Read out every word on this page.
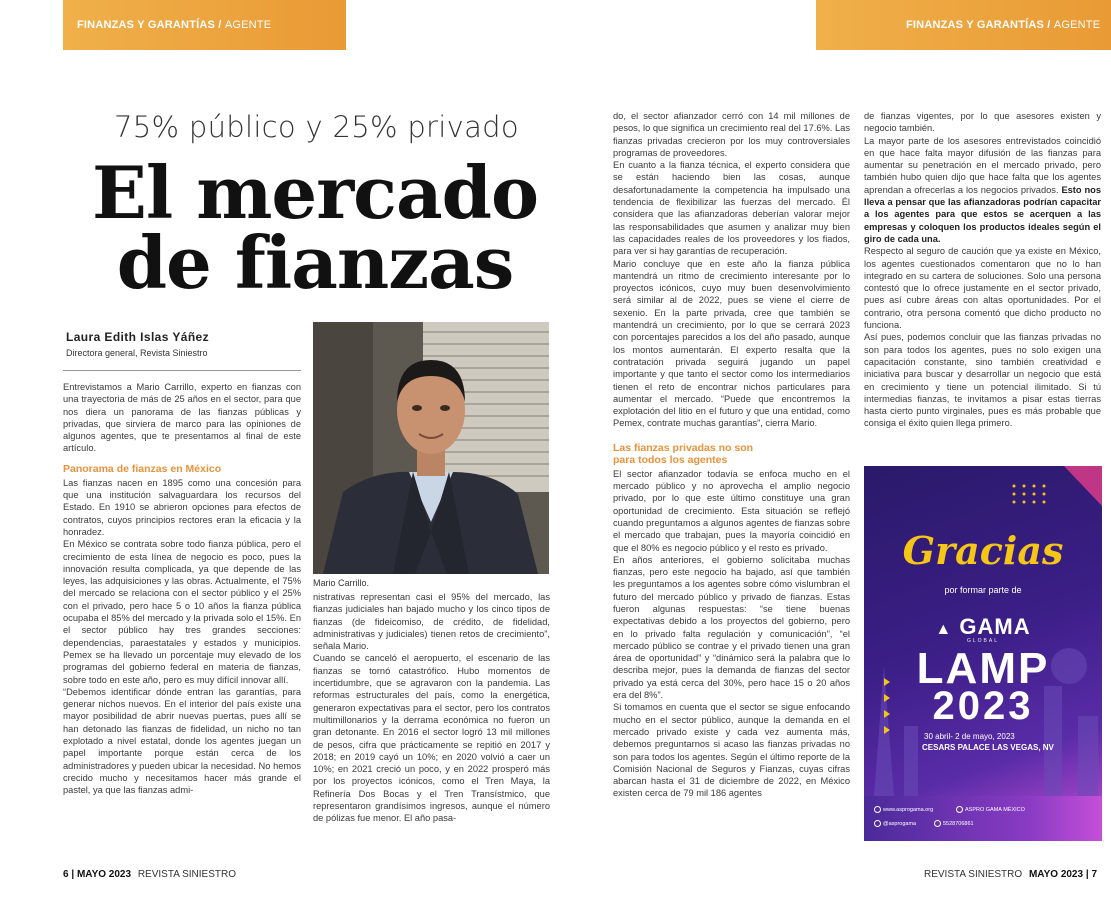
FINANZAS Y GARANTÍAS / AGENTE	FINANZAS Y GARANTÍAS / AGENTE
75% público y 25% privado
El mercado
de fianzas
Laura Edith Islas Yáñez
Directora general, Revista Siniestro
Mario Carrillo.

Entrevistamos a Mario Carrillo, experto en fianzas con una trayectoria de más de 25 años en el sector, para que nos diera un panorama de las fianzas públicas y privadas, que sirviera de marco para las opiniones de algunos agentes, que te presentamos al final de este artículo.

Panorama de fianzas en México

Las fianzas nacen en 1895 como una concesión para que una institución salvaguardara los recursos del Estado. En 1910 se abrieron opciones para efectos de contratos, cuyos principios rectores eran la eficacia y la honradez.

En México se contrata sobre todo fianza pública, pero el crecimiento de esta línea de negocio es poco, pues la innovación resulta complicada, ya que depende de las leyes, las adquisiciones y las obras. Actualmente, el 75% del mercado se relaciona con el sector público y el 25% con el privado, pero hace 5 o 10 años la fianza pública ocupaba el 85% del mercado y la privada solo el 15%. En el sector público hay tres grandes secciones: dependencias, paraestatales y estados y municipios. Pemex se ha llevado un porcentaje muy elevado de los programas del gobierno federal en materia de fianzas, sobre todo en este año, pero es muy difícil innovar allí.

“Debemos identificar dónde entran las garantías, para generar nichos nuevos. En el interior del país existe una mayor posibilidad de abrir nuevas puertas, pues allí se han detonado las fianzas de fidelidad, un nicho no tan explotado a nivel estatal, donde los agentes juegan un papel importante porque están cerca de los administradores y pueden ubicar la necesidad. No hemos crecido mucho y necesitamos hacer más grande el pastel, ya que las fianzas admi-

nistrativas representan casi el 95% del mercado, las fianzas judiciales han bajado mucho y los cinco tipos de fianzas (de fideicomiso, de crédito, de fidelidad, administrativas y judiciales) tienen retos de crecimiento”, señala Mario.

Cuando se canceló el aeropuerto, el escenario de las fianzas se tornó catastrófico. Hubo momentos de incertidumbre, que se agravaron con la pandemia. Las reformas estructurales del país, como la energética, generaron expectativas para el sector, pero los contratos multimillonarios y la derrama económica no fueron un gran detonante. En 2016 el sector logró 13 mil millones de pesos, cifra que prácticamente se repitió en 2017 y 2018; en 2019 cayó un 10%; en 2020 volvió a caer un 10%; en 2021 creció un poco, y en 2022 prosperó más por los proyectos icónicos, como el Tren Maya, la Refinería Dos Bocas y el Tren Transístmico, que representaron grandísimos ingresos, aunque el número de pólizas fue menor. El año pasa-

do, el sector afianzador cerró con 14 mil millones de pesos, lo que significa un crecimiento real del 17.6%. Las fianzas privadas crecieron por los muy controversiales programas de proveedores.

En cuanto a la fianza técnica, el experto considera que se están haciendo bien las cosas, aunque desafortunadamente la competencia ha impulsado una tendencia de flexibilizar las fuerzas del mercado. Él considera que las afianzadoras deberían valorar mejor las responsabilidades que asumen y analizar muy bien las capacidades reales de los proveedores y los fiados, para ver si hay garantías de recuperación.

Mario concluye que en este año la fianza pública mantendrá un ritmo de crecimiento interesante por lo proyectos icónicos, cuyo muy buen desenvolvimiento será similar al de 2022, pues se viene el cierre de sexenio. En la parte privada, cree que también se mantendrá un crecimiento, por lo que se cerrará 2023 con porcentajes parecidos a los del año pasado, aunque los montos aumentarán. El experto resalta que la contratación privada seguirá jugando un papel importante y que tanto el sector como los intermediarios tienen el reto de encontrar nichos particulares para aumentar el mercado. “Puede que encontremos la explotación del litio en el futuro y que una entidad, como Pemex, contrate muchas garantías”, cierra Mario.

Las fianzas privadas no son para todos los agentes

El sector afianzador todavía se enfoca mucho en el mercado público y no aprovecha el amplio negocio privado, por lo que este último constituye una gran oportunidad de crecimiento. Esta situación se reflejó cuando preguntamos a algunos agentes de fianzas sobre el mercado que trabajan, pues la mayoría coincidió en que el 80% es negocio público y el resto es privado.

En años anteriores, el gobierno solicitaba muchas fianzas, pero este negocio ha bajado, así que también les preguntamos a los agentes sobre cómo vislumbran el futuro del mercado público y privado de fianzas. Estas fueron algunas respuestas: “se tiene buenas expectativas debido a los proyectos del gobierno, pero en lo privado falta regulación y comunicación”, “el mercado público se contrae y el privado tienen una gran área de oportunidad” y “dinámico será la palabra que lo describa mejor, pues la demanda de fianzas del sector privado ya está cerca del 30%, pero hace 15 o 20 años era del 8%”.

Si tomamos en cuenta que el sector se sigue enfocando mucho en el sector público, aunque la demanda en el mercado privado existe y cada vez aumenta más, debemos preguntarnos si acaso las fianzas privadas no son para todos los agentes. Según el último reporte de la Comisión Nacional de Seguros y Fianzas, cuyas cifras abarcan hasta el 31 de diciembre de 2022, en México existen cerca de 79 mil 186 agentes

de fianzas vigentes, por lo que asesores existen y negocio también.

La mayor parte de los asesores entrevistados coincidió en que hace falta mayor difusión de las fianzas para aumentar su penetración en el mercado privado, pero también hubo quien dijo que hace falta que los agentes aprendan a ofrecerlas a los negocios privados. Esto nos lleva a pensar que las afianzadoras podrían capacitar a los agentes para que estos se acerquen a las empresas y coloquen los productos ideales según el giro de cada una.

Respecto al seguro de caución que ya existe en México, los agentes cuestionados comentaron que no lo han integrado en su cartera de soluciones. Solo una persona contestó que lo ofrece justamente en el sector privado, pues así cubre áreas con altas oportunidades. Por el contrario, otra persona comentó que dicho producto no funciona.

Así pues, podemos concluir que las fianzas privadas no son para todos los agentes, pues no solo exigen una capacitación constante, sino también creatividad e iniciativa para buscar y desarrollar un negocio que está en crecimiento y tiene un potencial ilimitado. Si tú intermedias fianzas, te invitamos a pisar estas tierras hasta cierto punto virginales, pues es más probable que consiga el éxito quien llega primero.

Gracias
por formar parte de
▲ GAMA
GLOBAL
LAMP
2023
30 abril- 2 de mayo, 2023
CESARS PALACE LAS VEGAS, NV
www.asprogama.org	ASPRO GAMA MÉXICO
@asprogama	5528706861
6 | MAYO 2023 REVISTA SINIESTRO	REVISTA SINIESTRO MAYO 2023 | 7
